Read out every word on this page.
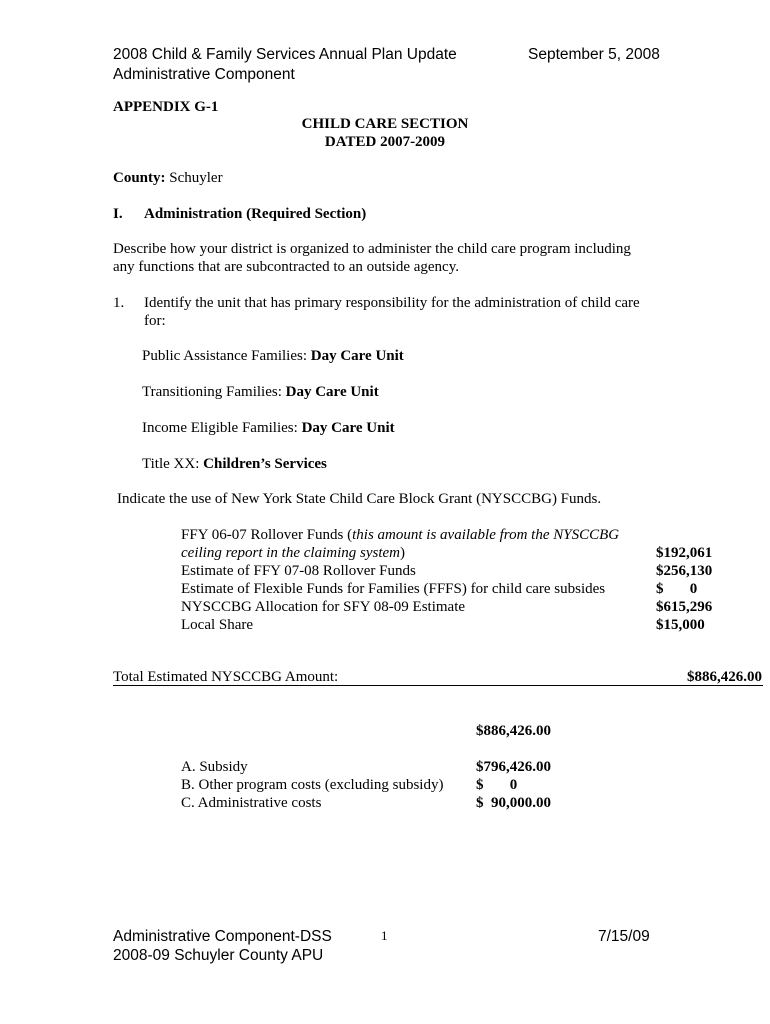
2008 Child & Family Services Annual Plan Update
Administrative Component
September 5, 2008
APPENDIX G-1
CHILD CARE SECTION
DATED 2007-2009
County: Schuyler
I. Administration (Required Section)
Describe how your district is organized to administer the child care program including
any functions that are subcontracted to an outside agency.
1. Identify the unit that has primary responsibility for the administration of child care
for:
Public Assistance Families: Day Care Unit
Transitioning Families: Day Care Unit
Income Eligible Families: Day Care Unit
Title XX: Children’s Services
Indicate the use of New York State Child Care Block Grant (NYSCCBG) Funds.
FFY 06-07 Rollover Funds (this amount is available from the NYSCCBG
ceiling report in the claiming system)	$192,061
Estimate of FFY 07-08 Rollover Funds	$256,130
Estimate of Flexible Funds for Families (FFFS) for child care subsides	$       0
NYSCCBG Allocation for SFY 08-09 Estimate	$615,296
Local Share	$15,000
Total Estimated NYSCCBG Amount:	$886,426.00
$886,426.00
A. Subsidy	$796,426.00
B. Other program costs (excluding subsidy) $       0
C. Administrative costs	$  90,000.00
Administrative Component-DSS
2008-09 Schuyler County APU
1	7/15/09
